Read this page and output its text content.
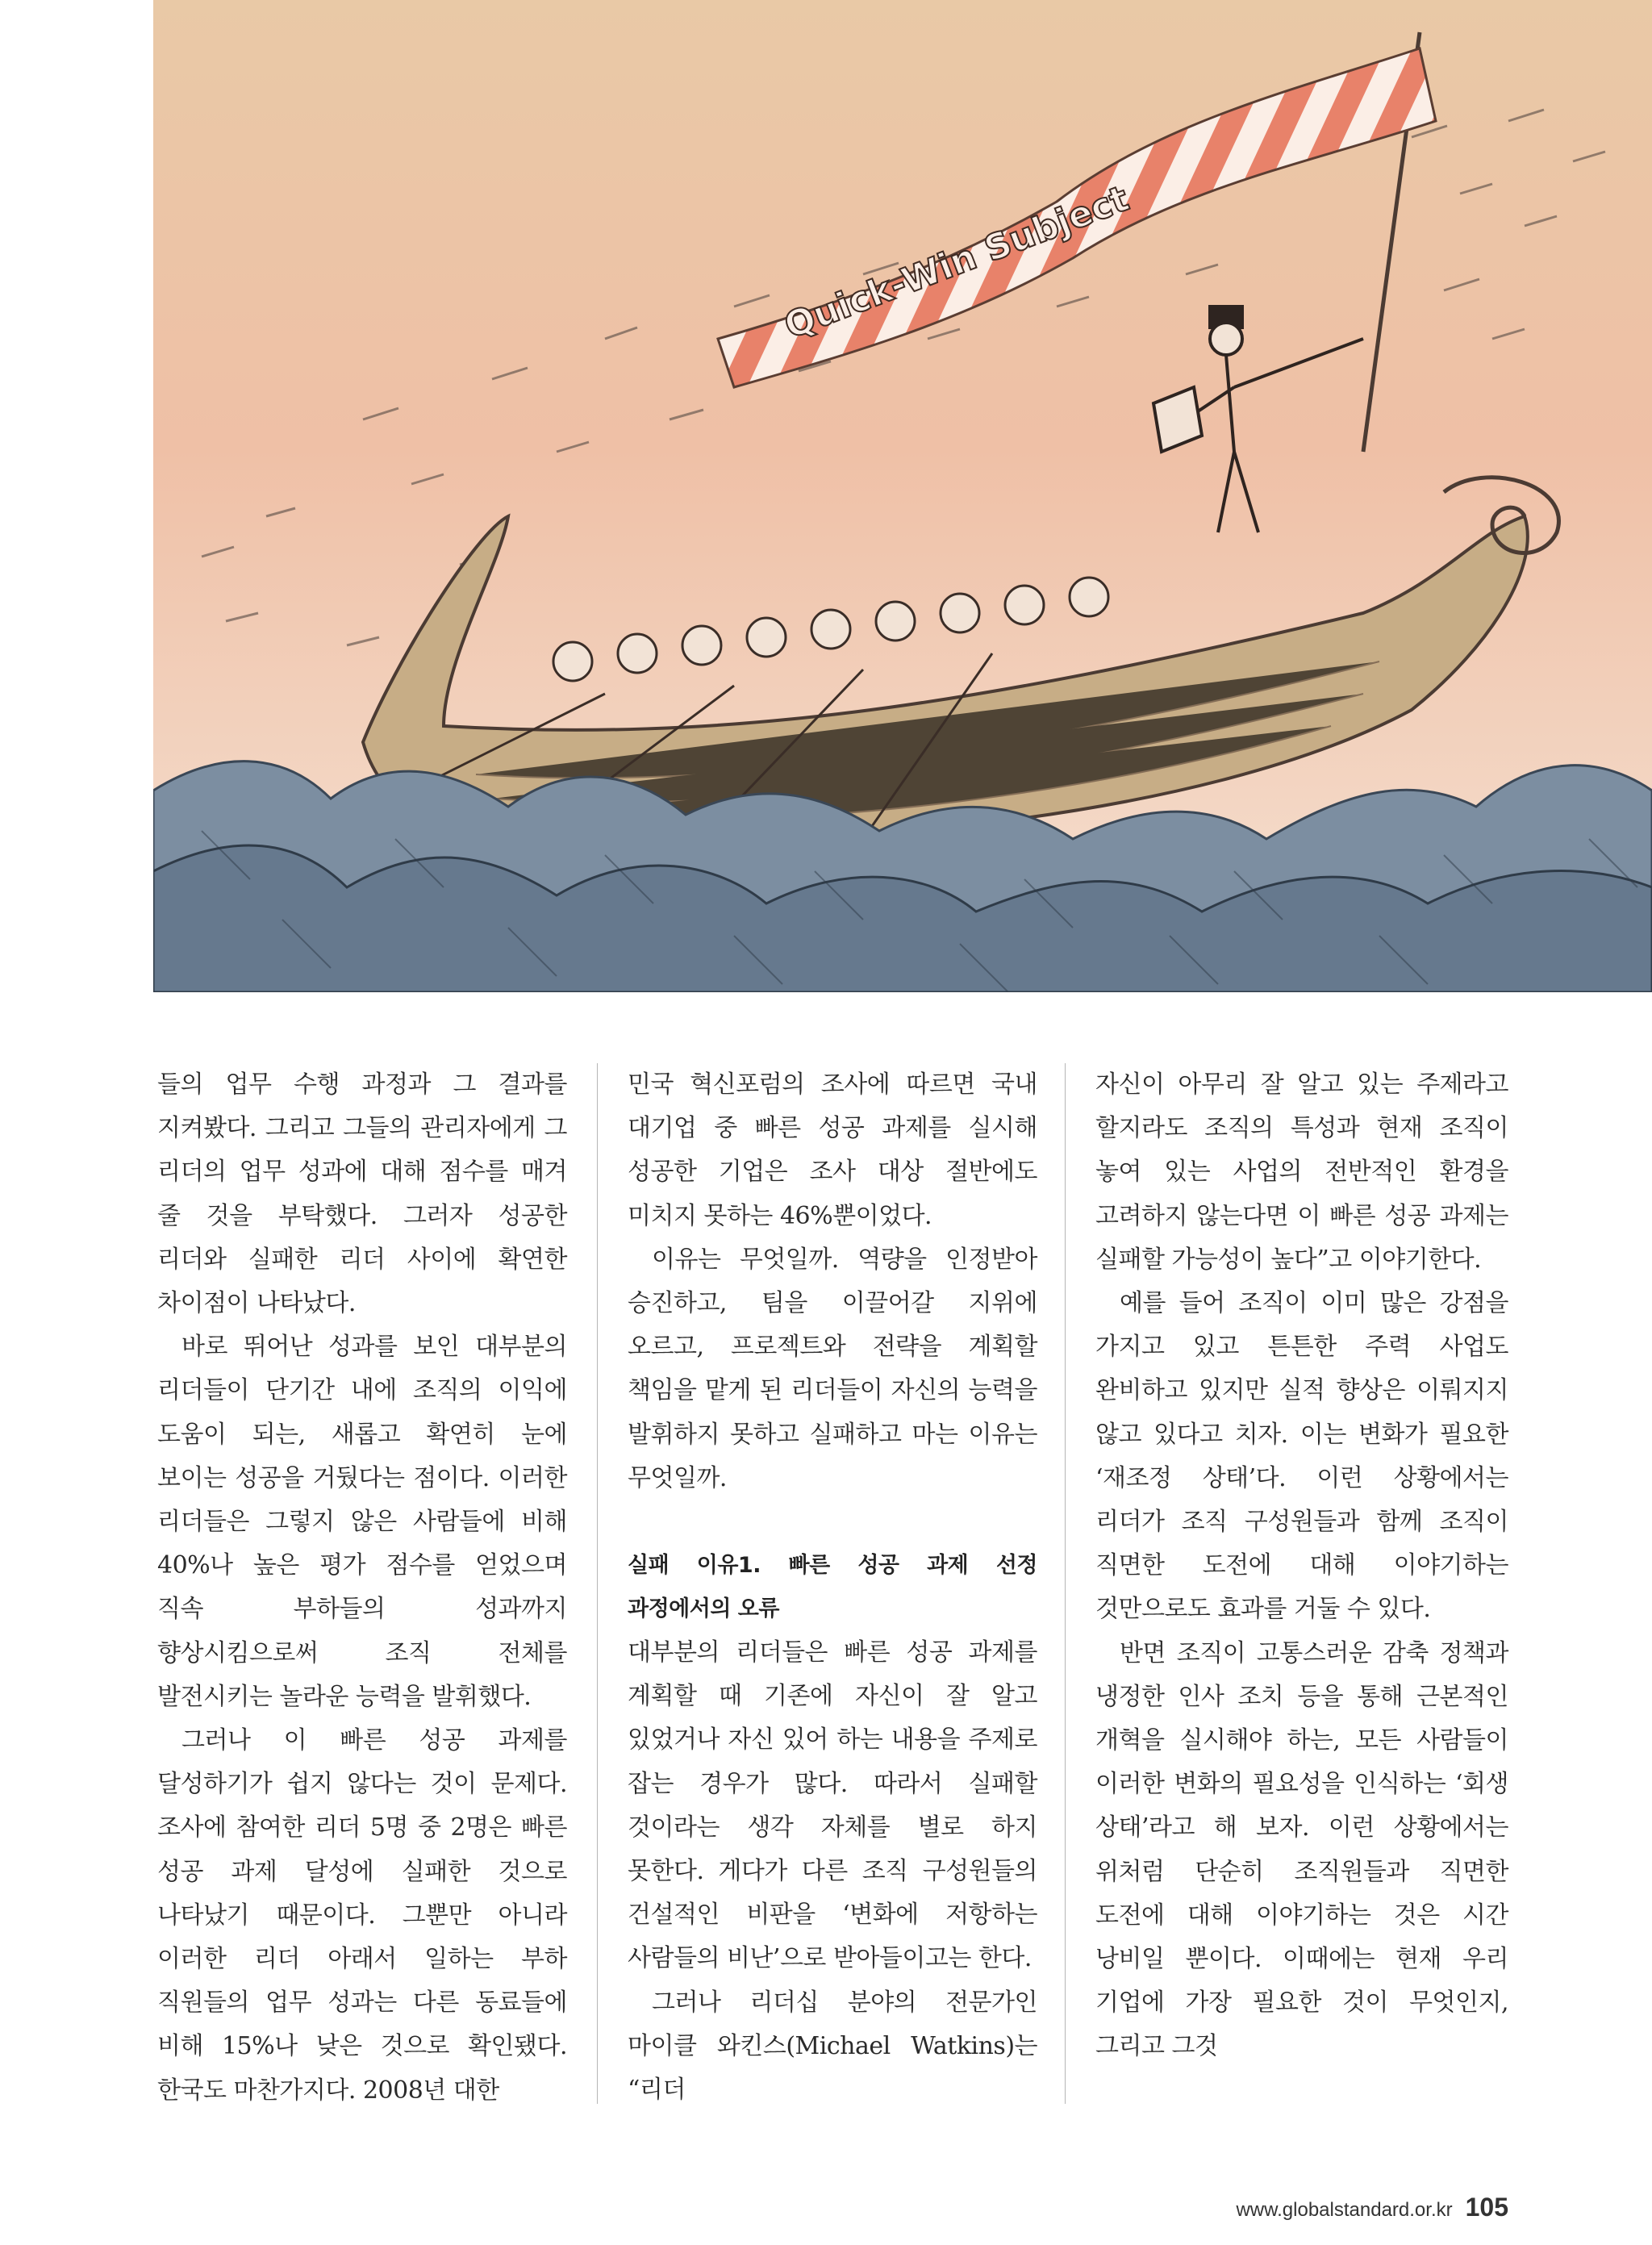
Quick-Win Subject

들의 업무 수행 과정과 그 결과를 지켜봤다. 그리고 그들의 관리자에게 그 리더의 업무 성과에 대해 점수를 매겨 줄 것을 부탁했다. 그러자 성공한 리더와 실패한 리더 사이에 확연한 차이점이 나타났다.

바로 뛰어난 성과를 보인 대부분의 리더들이 단기간 내에 조직의 이익에 도움이 되는, 새롭고 확연히 눈에 보이는 성공을 거뒀다는 점이다. 이러한 리더들은 그렇지 않은 사람들에 비해 40%나 높은 평가 점수를 얻었으며 직속 부하들의 성과까지 향상시킴으로써 조직 전체를 발전시키는 놀라운 능력을 발휘했다.

그러나 이 빠른 성공 과제를 달성하기가 쉽지 않다는 것이 문제다. 조사에 참여한 리더 5명 중 2명은 빠른 성공 과제 달성에 실패한 것으로 나타났기 때문이다. 그뿐만 아니라 이러한 리더 아래서 일하는 부하 직원들의 업무 성과는 다른 동료들에 비해 15%나 낮은 것으로 확인됐다. 한국도 마찬가지다. 2008년 대한

민국 혁신포럼의 조사에 따르면 국내 대기업 중 빠른 성공 과제를 실시해 성공한 기업은 조사 대상 절반에도 미치지 못하는 46%뿐이었다.

이유는 무엇일까. 역량을 인정받아 승진하고, 팀을 이끌어갈 지위에 오르고, 프로젝트와 전략을 계획할 책임을 맡게 된 리더들이 자신의 능력을 발휘하지 못하고 실패하고 마는 이유는 무엇일까.

실패 이유1. 빠른 성공 과제 선정 과정에서의 오류

대부분의 리더들은 빠른 성공 과제를 계획할 때 기존에 자신이 잘 알고 있었거나 자신 있어 하는 내용을 주제로 잡는 경우가 많다. 따라서 실패할 것이라는 생각 자체를 별로 하지 못한다. 게다가 다른 조직 구성원들의 건설적인 비판을 ‘변화에 저항하는 사람들의 비난’으로 받아들이고는 한다.

그러나 리더십 분야의 전문가인 마이클 와킨스(Michael Watkins)는 “리더

자신이 아무리 잘 알고 있는 주제라고 할지라도 조직의 특성과 현재 조직이 놓여 있는 사업의 전반적인 환경을 고려하지 않는다면 이 빠른 성공 과제는 실패할 가능성이 높다”고 이야기한다.

예를 들어 조직이 이미 많은 강점을 가지고 있고 튼튼한 주력 사업도 완비하고 있지만 실적 향상은 이뤄지지 않고 있다고 치자. 이는 변화가 필요한 ‘재조정 상태’다. 이런 상황에서는 리더가 조직 구성원들과 함께 조직이 직면한 도전에 대해 이야기하는 것만으로도 효과를 거둘 수 있다.

반면 조직이 고통스러운 감축 정책과 냉정한 인사 조치 등을 통해 근본적인 개혁을 실시해야 하는, 모든 사람들이 이러한 변화의 필요성을 인식하는 ‘회생 상태’라고 해 보자. 이런 상황에서는 위처럼 단순히 조직원들과 직면한 도전에 대해 이야기하는 것은 시간 낭비일 뿐이다. 이때에는 현재 우리 기업에 가장 필요한 것이 무엇인지, 그리고 그것

www.globalstandard.or.kr 105
